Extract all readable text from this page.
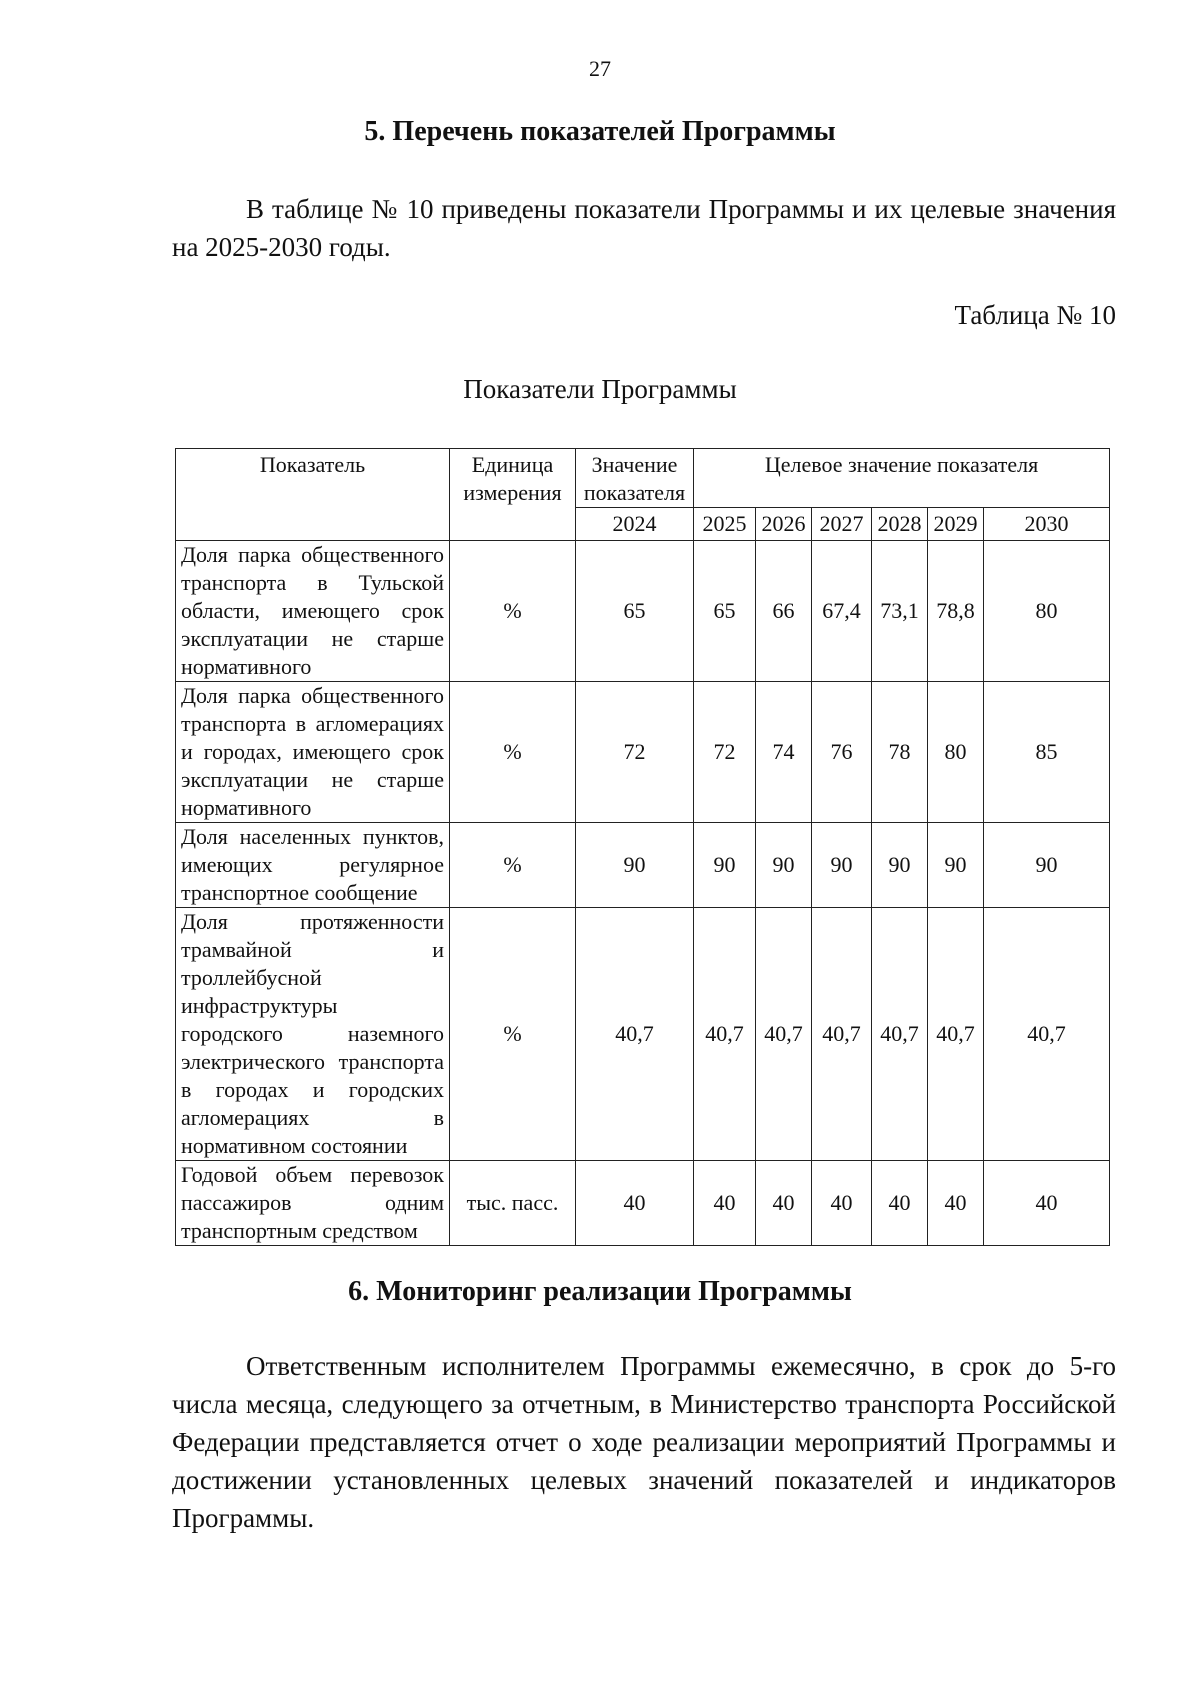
27
5. Перечень показателей Программы

В таблице № 10 приведены показатели Программы и их целевые значения на 2025-2030 годы.

Таблица № 10
Показатели Программы
Показатель	Единица измерения	Значение показателя	Целевое значение показателя					
		2024	2025	2026	2027	2028	2029	2030
Доля парка общественного транспорта в Тульской области, имеющего срок эксплуатации не старше нормативного	%	65	65	66	67,4	73,1	78,8	80
Доля парка общественного транспорта в агломерациях и городах, имеющего срок эксплуатации не старше нормативного	%	72	72	74	76	78	80	85
Доля населенных пунктов, имеющих регулярное транспортное сообщение	%	90	90	90	90	90	90	90
Доля протяженности трамвайной и троллейбусной инфраструктуры городского наземного электрического транспорта в городах и городских агломерациях в нормативном состоянии	%	40,7	40,7	40,7	40,7	40,7	40,7	40,7
Годовой объем перевозок пассажиров одним транспортным средством	тыс. пасс.	40	40	40	40	40	40	40
6. Мониторинг реализации Программы

Ответственным исполнителем Программы ежемесячно, в срок до 5-го числа месяца, следующего за отчетным, в Министерство транспорта Российской Федерации представляется отчет о ходе реализации мероприятий Программы и достижении установленных целевых значений показателей и индикаторов Программы.
